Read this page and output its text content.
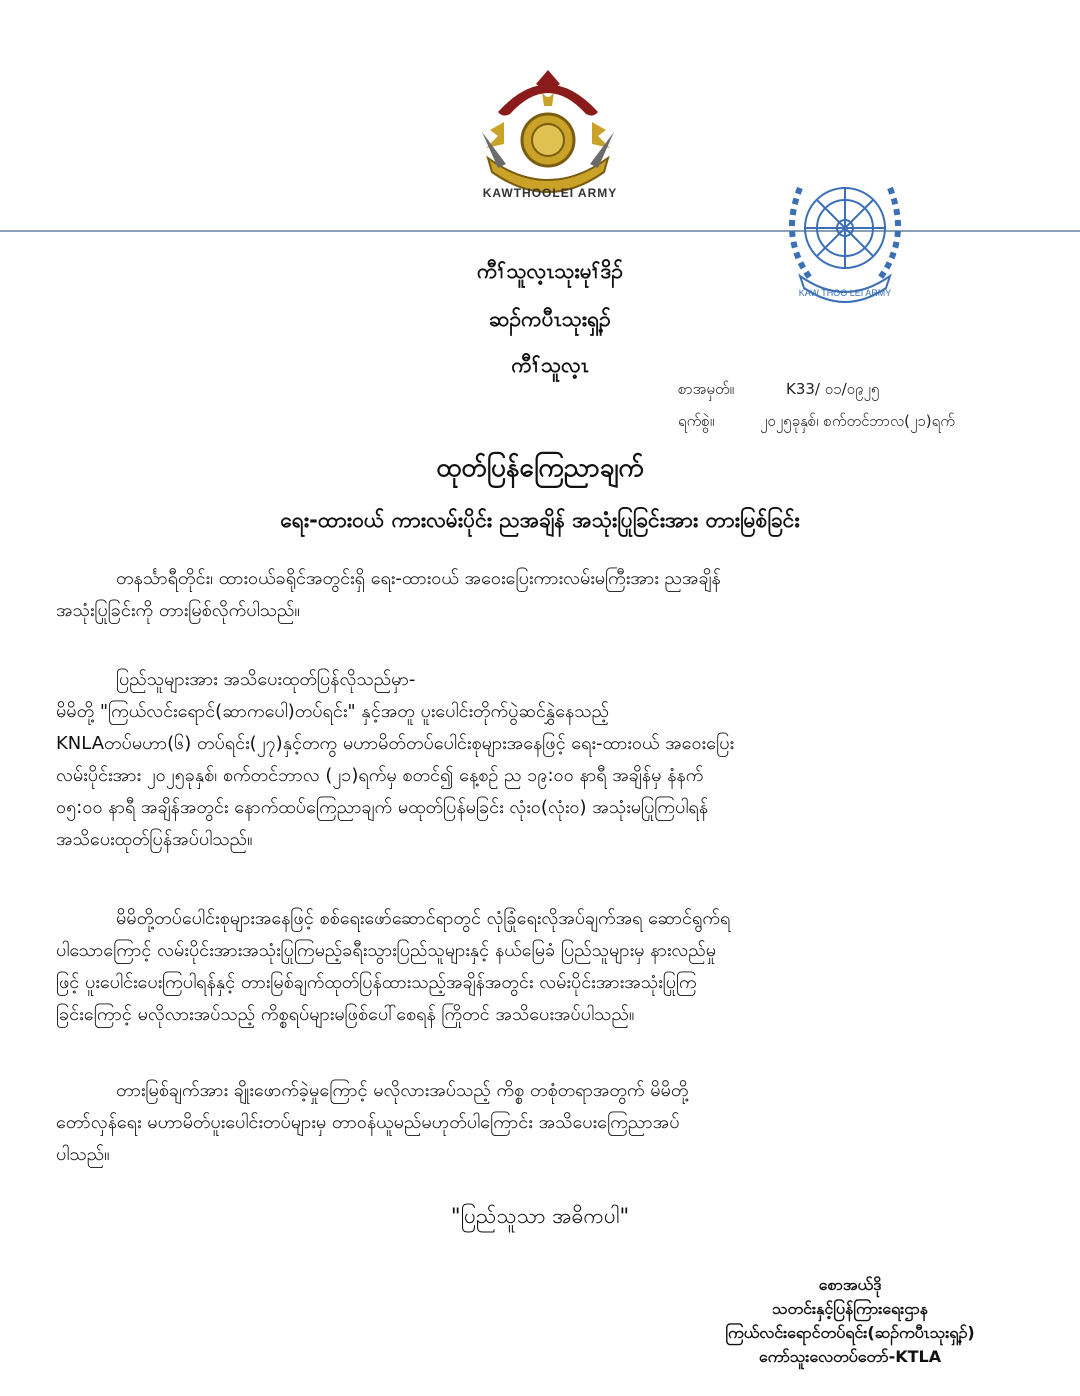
KAWTHOOLEI ARMY
KAW THOO LEI ARMY
ကီၢ်သူလ့ၤသုးမုၢ်ဒိၣ်
ဆၣ်ကပီၤသုးရှ့ၣ်
ကီၢ်သူလ့ၤ
စာအမှတ်။	K33/ ၀၁/၀၉၂၅
ရက်စွဲ။	၂၀၂၅ခုနှစ်၊ စက်တင်ဘာလ(၂၁)ရက်
ထုတ်ပြန်ကြေညာချက်
ရေး-ထားဝယ် ကားလမ်းပိုင်း ညအချိန် အသုံးပြုခြင်းအား တားမြစ်ခြင်း
တနင်္သာရီတိုင်း၊ ထားဝယ်ခရိုင်အတွင်းရှိ ရေး-ထားဝယ် အဝေးပြေးကားလမ်းမကြီးအား ညအချိန်
အသုံးပြုခြင်းကို တားမြစ်လိုက်ပါသည်။
ပြည်သူများအား အသိပေးထုတ်ပြန်လိုသည်မှာ-
မိမိတို့ "ကြယ်လင်းရောင်(ဆာကပေါ)တပ်ရင်း" နှင့်အတူ ပူးပေါင်းတိုက်ပွဲဆင်နွှဲနေသည့်
KNLAတပ်မဟာ(၆) တပ်ရင်း(၂၇)နှင့်တကွ မဟာမိတ်တပ်ပေါင်းစုများအနေဖြင့် ရေး-ထားဝယ် အဝေးပြေး
လမ်းပိုင်းအား ၂၀၂၅ခုနှစ်၊ စက်တင်ဘာလ (၂၁)ရက်မှ စတင်၍ နေ့စဉ် ည ၁၉:၀၀ နာရီ အချိန်မှ နံနက်
၀၅:၀၀ နာရီ အချိန်အတွင်း နောက်ထပ်ကြေညာချက် မထုတ်ပြန်မခြင်း လုံး၀(လုံး၀) အသုံးမပြုကြပါရန်
အသိပေးထုတ်ပြန်အပ်ပါသည်။
မိမိတို့တပ်ပေါင်းစုများအနေဖြင့် စစ်ရေးဖော်ဆောင်ရာတွင် လုံခြုံရေးလိုအပ်ချက်အရ ဆောင်ရွက်ရ
ပါသောကြောင့် လမ်းပိုင်းအားအသုံးပြုကြမည့်ခရီးသွားပြည်သူများနှင့် နယ်မြေခံ ပြည်သူများမှ နားလည်မှု
ဖြင့် ပူးပေါင်းပေးကြပါရန်နှင့် တားမြစ်ချက်ထုတ်ပြန်ထားသည့်အချိန်အတွင်း လမ်းပိုင်းအားအသုံးပြုကြ
ခြင်းကြောင့် မလိုလားအပ်သည့် ကိစ္စရပ်များမဖြစ်ပေါ်စေရန် ကြိုတင် အသိပေးအပ်ပါသည်။
တားမြစ်ချက်အား ချိုးဖောက်ခဲ့မှုကြောင့် မလိုလားအပ်သည့် ကိစ္စ တစုံတရာအတွက် မိမိတို့
တော်လှန်ရေး မဟာမိတ်ပူးပေါင်းတပ်များမှ တာဝန်ယူမည်မဟုတ်ပါကြောင်း အသိပေးကြေညာအပ်
ပါသည်။
"ပြည်သူသာ အဓိကပါ"
စောအယ်ဒို
သတင်းနှင့်ပြန်ကြားရေးဌာန
ကြယ်လင်းရောင်တပ်ရင်း(ဆၣ်ကပီၤသုးရှ့ၣ်)
ကော်သူးလေတပ်တော်-KTLA
